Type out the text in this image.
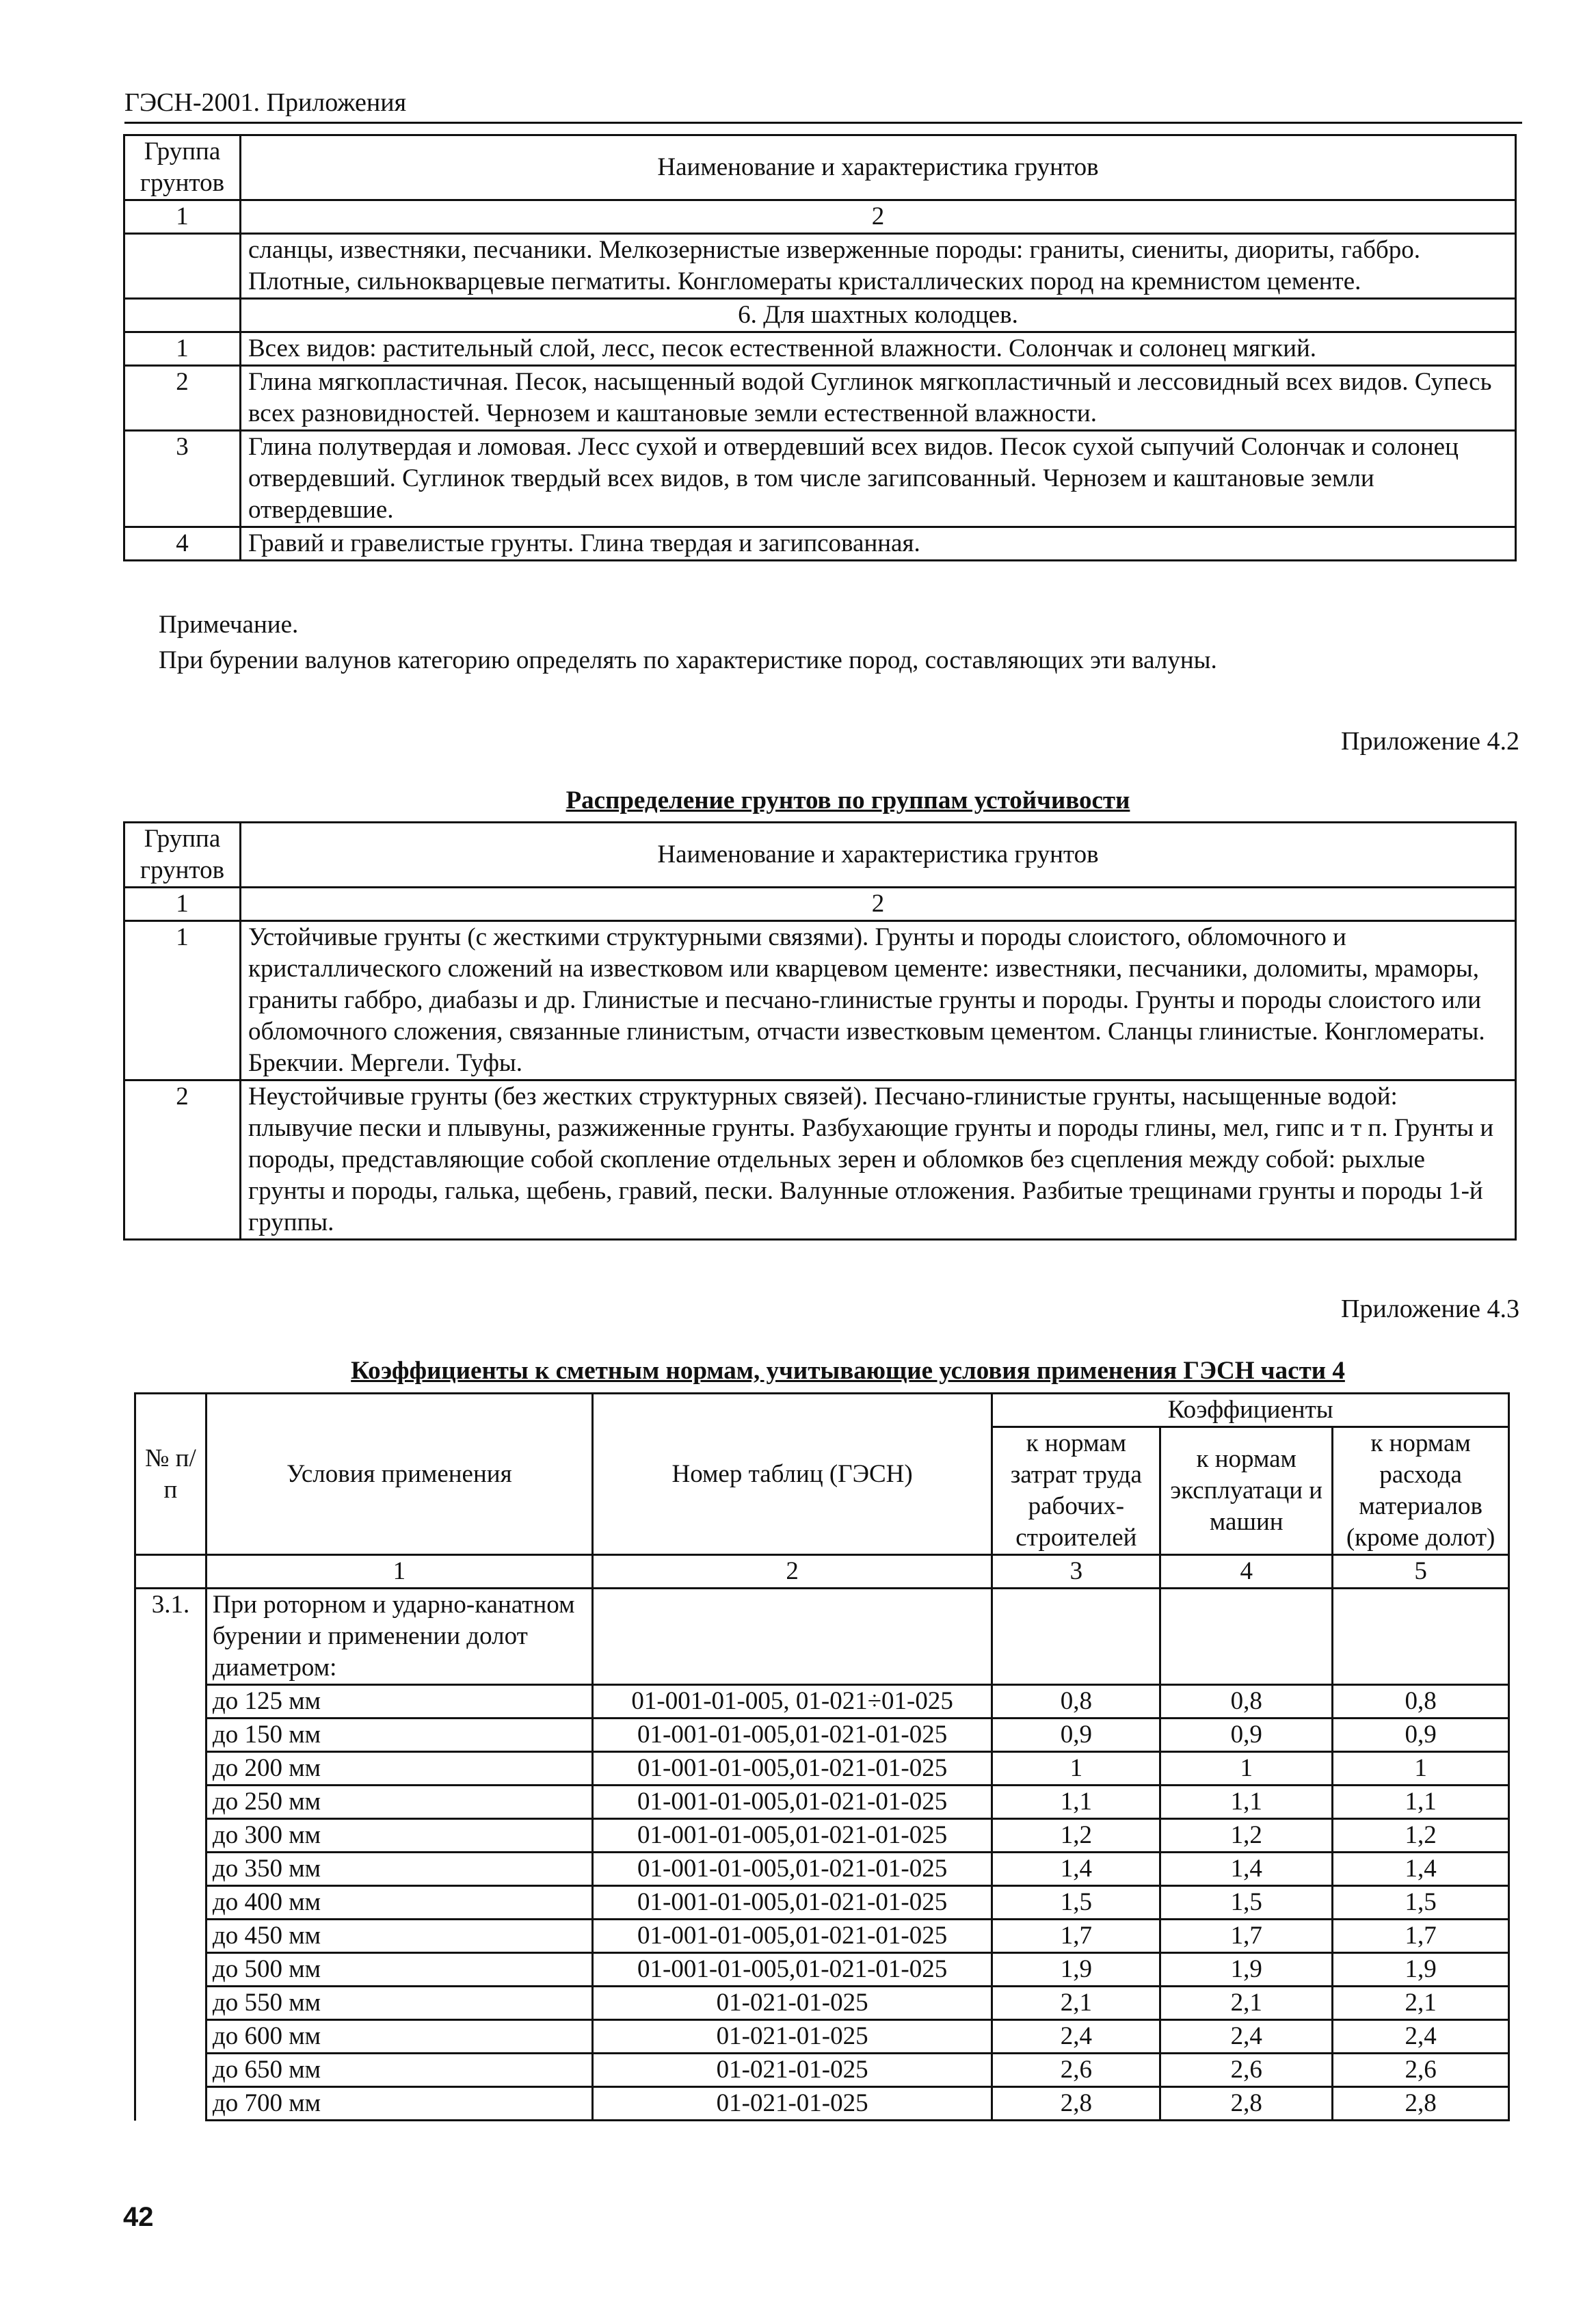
ГЭСН-2001. Приложения
Группа грунтов	Наименование и характеристика грунтов
1	2
	сланцы, известняки, песчаники. Мелкозернистые изверженные породы: граниты, сиениты, диориты, габбро. Плотные, сильнокварцевые пегматиты. Конгломераты кристаллических пород на кремнистом цементе.
	6. Для шахтных колодцев.
1	Всех видов: растительный слой, лесс, песок естественной влажности. Солончак и солонец мягкий.
2	Глина мягкопластичная. Песок, насыщенный водой Суглинок мягкопластичный и лессовидный всех видов. Супесь всех разновидностей. Чернозем и каштановые земли естественной влажности.
3	Глина полутвердая и ломовая. Лесс сухой и отвердевший всех видов. Песок сухой сыпучий Солончак и солонец отвердевший. Суглинок твердый всех видов, в том числе загипсованный. Чернозем и каштановые земли отвердевшие.
4	Гравий и гравелистые грунты. Глина твердая и загипсованная.
Примечание.
При бурении валунов категорию определять по характеристике пород, составляющих эти валуны.
Приложение 4.2
Распределение грунтов по группам устойчивости
Группа грунтов	Наименование и характеристика грунтов
1	2
1	Устойчивые грунты (с жесткими структурными связями). Грунты и породы слоистого, обломочного и кристаллического сложений на известковом или кварцевом цементе: известняки, песчаники, доломиты, мраморы, граниты габбро, диабазы и др. Глинистые и песчано-глинистые грунты и породы. Грунты и породы слоистого или обломочного сложения, связанные глинистым, отчасти известковым цементом. Сланцы глинистые. Конгломераты. Брекчии. Мергели. Туфы.
2	Неустойчивые грунты (без жестких структурных связей). Песчано-глинистые грунты, насыщенные водой: плывучие пески и плывуны, разжиженные грунты. Разбухающие грунты и породы глины, мел, гипс и т п. Грунты и породы, представляющие собой скопление отдельных зерен и обломков без сцепления между собой: рыхлые грунты и породы, галька, щебень, гравий, пески. Валунные отложения. Разбитые трещинами грунты и породы 1-й группы.
Приложение 4.3
Коэффициенты к сметным нормам, учитывающие условия применения ГЭСН части 4
№ п/п	Условия применения	Номер таблиц (ГЭСН)	Коэффициенты		
			к нормам затрат труда рабочих-строителей	к нормам эксплуатаци и машин	к нормам расхода материалов (кроме долот)
	1	2	3	4	5
3.1.	При роторном и ударно-канатном бурении и применении долот диаметром:				
	до 125 мм	01-001-01-005, 01-021÷01-025	0,8	0,8	0,8
	до 150 мм	01-001-01-005,01-021-01-025	0,9	0,9	0,9
	до 200 мм	01-001-01-005,01-021-01-025	1	1	1
	до 250 мм	01-001-01-005,01-021-01-025	1,1	1,1	1,1
	до 300 мм	01-001-01-005,01-021-01-025	1,2	1,2	1,2
	до 350 мм	01-001-01-005,01-021-01-025	1,4	1,4	1,4
	до 400 мм	01-001-01-005,01-021-01-025	1,5	1,5	1,5
	до 450 мм	01-001-01-005,01-021-01-025	1,7	1,7	1,7
	до 500 мм	01-001-01-005,01-021-01-025	1,9	1,9	1,9
	до 550 мм	01-021-01-025	2,1	2,1	2,1
	до 600 мм	01-021-01-025	2,4	2,4	2,4
	до 650 мм	01-021-01-025	2,6	2,6	2,6
	до 700 мм	01-021-01-025	2,8	2,8	2,8
42
